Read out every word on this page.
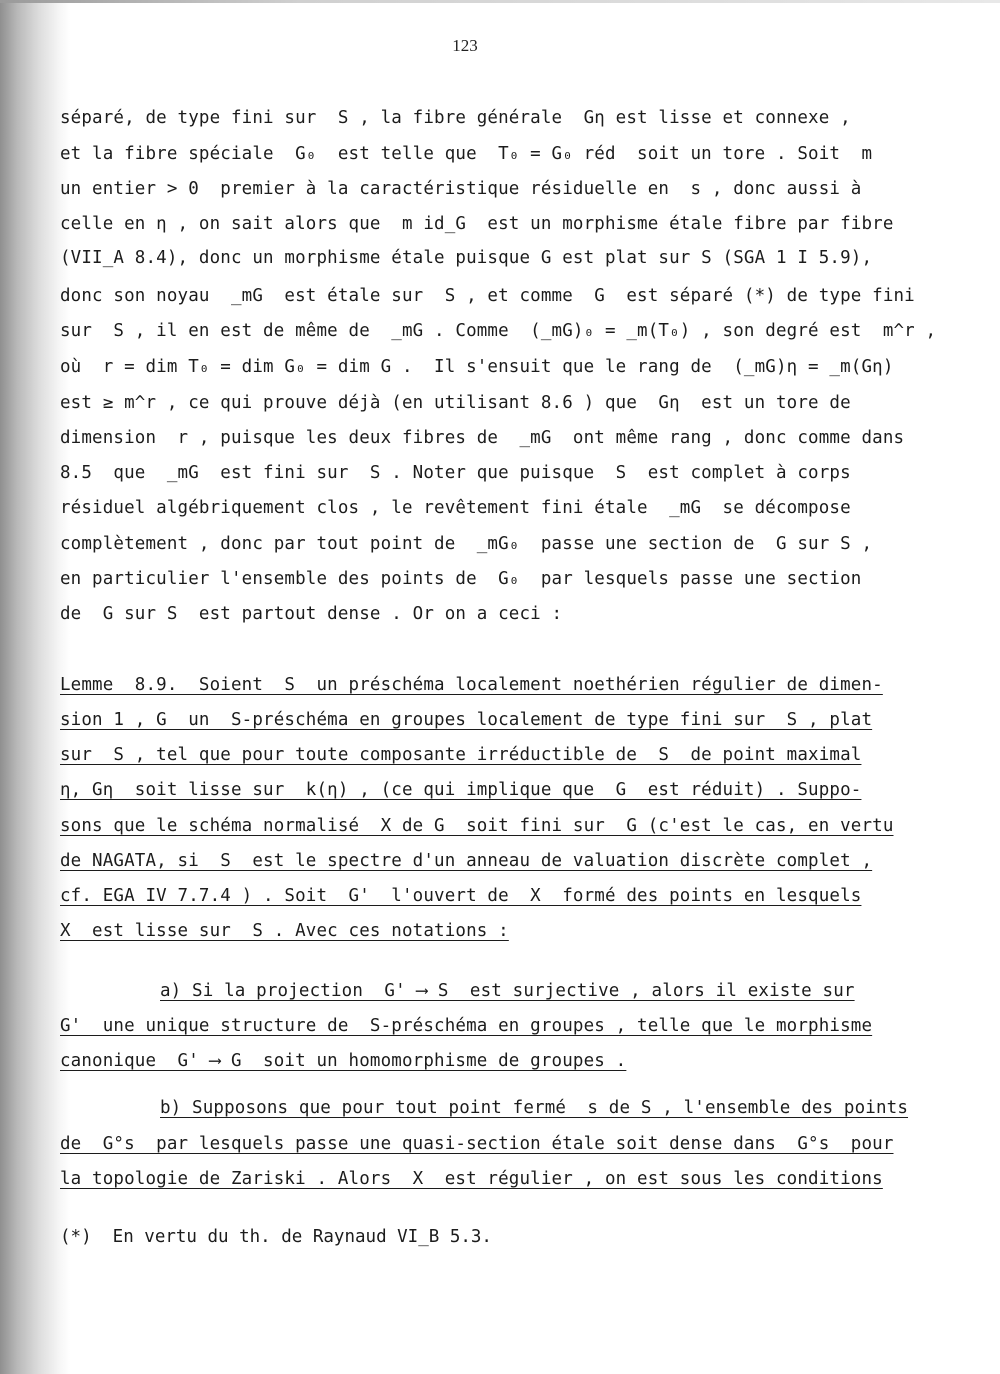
123
séparé, de type fini sur  S , la fibre générale  Gη est lisse et connexe ,
et la fibre spéciale  G₀  est telle que  T₀ = G₀ réd  soit un tore . Soit  m
un entier > 0  premier à la caractéristique résiduelle en  s , donc aussi à
celle en η , on sait alors que  m id_G  est un morphisme étale fibre par fibre
(VII_A 8.4), donc un morphisme étale puisque G est plat sur S (SGA 1 I 5.9),
donc son noyau  _mG  est étale sur  S , et comme  G  est séparé (*) de type fini
sur  S , il en est de même de  _mG . Comme  (_mG)₀ = _m(T₀) , son degré est  m^r ,
où  r = dim T₀ = dim G₀ = dim G .  Il s'ensuit que le rang de  (_mG)η = _m(Gη)
est ≥ m^r , ce qui prouve déjà (en utilisant 8.6 ) que  Gη  est un tore de
dimension  r , puisque les deux fibres de  _mG  ont même rang , donc comme dans
8.5  que  _mG  est fini sur  S . Noter que puisque  S  est complet à corps
résiduel algébriquement clos , le revêtement fini étale  _mG  se décompose
complètement , donc par tout point de  _mG₀  passe une section de  G sur S ,
en particulier l'ensemble des points de  G₀  par lesquels passe une section
de  G sur S  est partout dense . Or on a ceci :
Lemme  8.9.  Soient  S  un préschéma localement noethérien régulier de dimen-
sion 1 , G  un  S-préschéma en groupes localement de type fini sur  S , plat
sur  S , tel que pour toute composante irréductible de  S  de point maximal
η, Gη  soit lisse sur  k(η) , (ce qui implique que  G  est réduit) . Suppo-
sons que le schéma normalisé  X de G  soit fini sur  G (c'est le cas, en vertu
de NAGATA, si  S  est le spectre d'un anneau de valuation discrète complet ,
cf. EGA IV 7.7.4 ) . Soit  G'  l'ouvert de  X  formé des points en lesquels
X  est lisse sur  S . Avec ces notations :
a) Si la projection  G' ⟶ S  est surjective , alors il existe sur
G'  une unique structure de  S-préschéma en groupes , telle que le morphisme
canonique  G' ⟶ G  soit un homomorphisme de groupes .
b) Supposons que pour tout point fermé  s de S , l'ensemble des points
de  G°s  par lesquels passe une quasi-section étale soit dense dans  G°s  pour
la topologie de Zariski . Alors  X  est régulier , on est sous les conditions
(*)  En vertu du th. de Raynaud VI_B 5.3.
